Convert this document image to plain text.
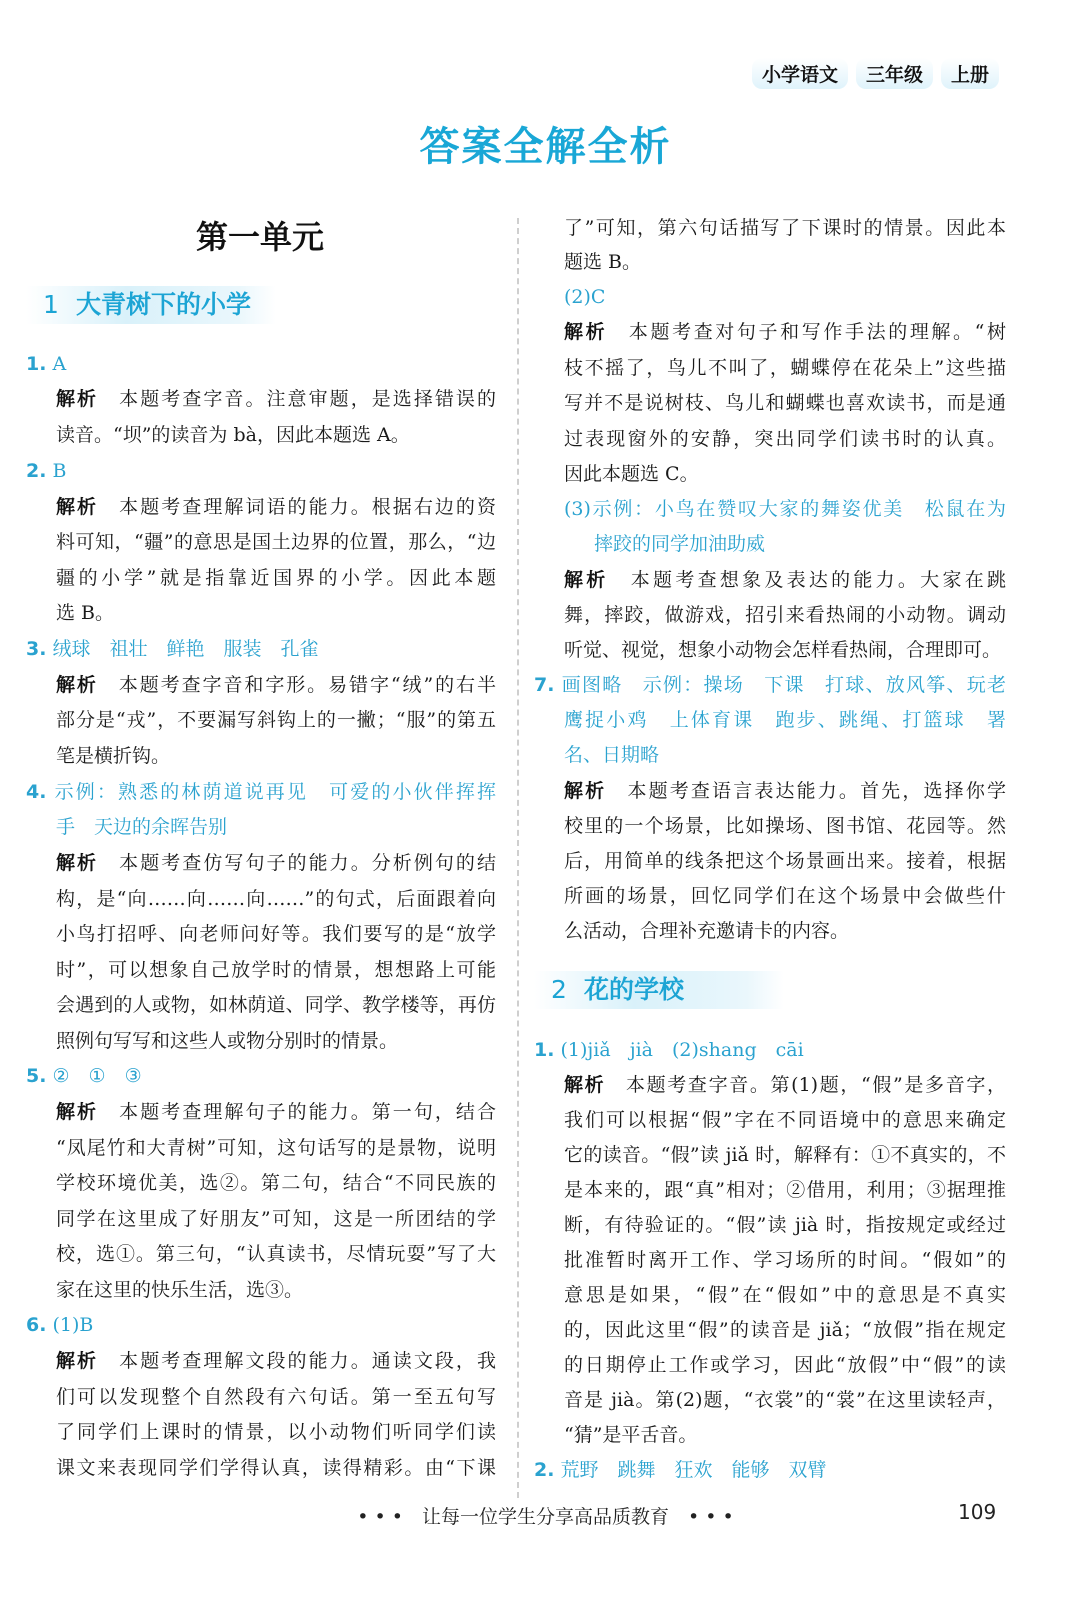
小学语文	三年级	上册
答案全解全析
第一单元
1 大青树下的小学
1. A
解析　 本题考查字音。注意审题，是选择错误的
读音。“坝”的读音为 bà，因此本题选 A。
2. B
解析　 本题考查理解词语的能力。根据右边的资
料可知，“疆”的意思是国土边界的位置，那么，“边
疆的小学”就是指靠近国界的小学。因此本题
选 B。
3. 绒球　祖壮　鲜艳　服装　孔雀
解析　 本题考查字音和字形。易错字“绒”的右半
部分是“戎”，不要漏写斜钩上的一撇；“服”的第五
笔是横折钩。
4. 示例：熟悉的林荫道说再见　可爱的小伙伴挥挥
手　天边的余晖告别
解析　 本题考查仿写句子的能力。分析例句的结
构，是“向……向……向……”的句式，后面跟着向
小鸟打招呼、向老师问好等。我们要写的是“放学
时”，可以想象自己放学时的情景，想想路上可能
会遇到的人或物，如林荫道、同学、教学楼等，再仿
照例句写写和这些人或物分别时的情景。
5. ②　①　③
解析　 本题考查理解句子的能力。第一句，结合
“凤尾竹和大青树”可知，这句话写的是景物，说明
学校环境优美，选②。第二句，结合“不同民族的
同学在这里成了好朋友”可知，这是一所团结的学
校，选①。第三句，“认真读书，尽情玩耍”写了大
家在这里的快乐生活，选③。
6. (1)B
解析　 本题考查理解文段的能力。通读文段，我
们可以发现整个自然段有六句话。第一至五句写
了同学们上课时的情景，以小动物们听同学们读
课文来表现同学们学得认真，读得精彩。由“下课
了”可知，第六句话描写了下课时的情景。因此本
题选 B。
(2)C
解析　 本题考查对句子和写作手法的理解。“树
枝不摇了，鸟儿不叫了，蝴蝶停在花朵上”这些描
写并不是说树枝、鸟儿和蝴蝶也喜欢读书，而是通
过表现窗外的安静，突出同学们读书时的认真。
因此本题选 C。
(3)示例：小鸟在赞叹大家的舞姿优美　松鼠在为
摔跤的同学加油助威
解析　 本题考查想象及表达的能力。大家在跳
舞，摔跤，做游戏，招引来看热闹的小动物。调动
听觉、视觉，想象小动物会怎样看热闹，合理即可。
7. 画图略　示例：操场　下课　打球、放风筝、玩老
鹰捉小鸡　上体育课　跑步、跳绳、打篮球　署
名、日期略
解析　 本题考查语言表达能力。首先，选择你学
校里的一个场景，比如操场、图书馆、花园等。然
后，用简单的线条把这个场景画出来。接着，根据
所画的场景，回忆同学们在这个场景中会做些什
么活动，合理补充邀请卡的内容。
2 花的学校
1. (1)jiǎ　jià　(2)shang　cāi
解析　 本题考查字音。第(1)题，“假”是多音字，
我们可以根据“假”字在不同语境中的意思来确定
它的读音。“假”读 jiǎ 时，解释有：①不真实的，不
是本来的，跟“真”相对；②借用，利用；③据理推
断，有待验证的。“假”读 jià 时，指按规定或经过
批准暂时离开工作、学习场所的时间。“假如”的
意思是如果，“假”在“假如”中的意思是不真实
的，因此这里“假”的读音是 jiǎ；“放假”指在规定
的日期停止工作或学习，因此“放假”中“假”的读
音是 jià。第(2)题，“衣裳”的“裳”在这里读轻声，
“猜”是平舌音。
2. 荒野　跳舞　狂欢　能够　双臂
• • •　让每一位学生分享高品质教育　• • •	109
